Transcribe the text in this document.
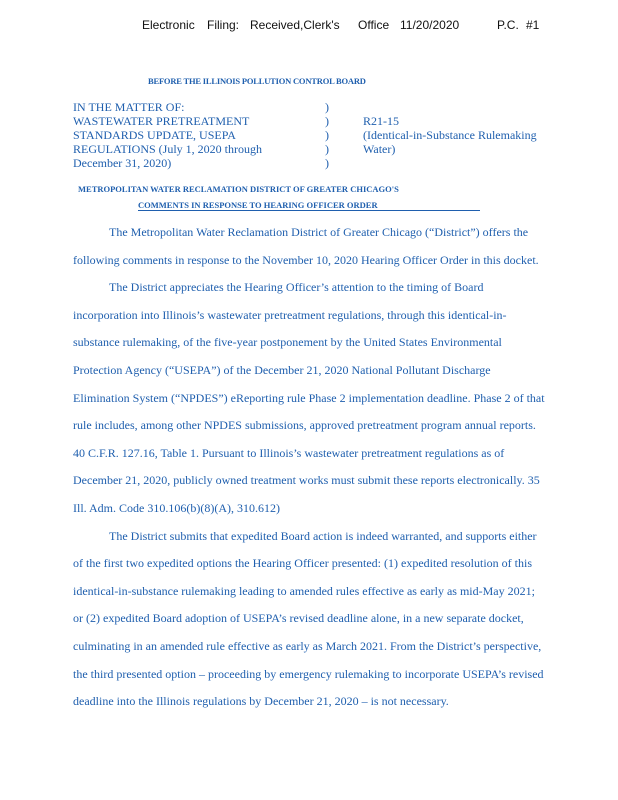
Electronic Filing: Received,Clerk's Office 11/20/2020	P.C. #1
BEFORE THE ILLINOIS POLLUTION CONTROL BOARD
IN THE MATTER OF:
WASTEWATER PRETREATMENT
STANDARDS UPDATE, USEPA
REGULATIONS (July 1, 2020 through
December 31, 2020)
)
)
)
)
)

R21-15
(Identical-in-Substance Rulemaking
Water)

METROPOLITAN WATER RECLAMATION DISTRICT OF GREATER CHICAGO'S
COMMENTS IN RESPONSE TO HEARING OFFICER ORDER
The Metropolitan Water Reclamation District of Greater Chicago (“District”) offers the
following comments in response to the November 10, 2020 Hearing Officer Order in this docket.
The District appreciates the Hearing Officer’s attention to the timing of Board
incorporation into Illinois’s wastewater pretreatment regulations, through this identical-in-
substance rulemaking, of the five-year postponement by the United States Environmental
Protection Agency (“USEPA”) of the December 21, 2020 National Pollutant Discharge
Elimination System (“NPDES”) eReporting rule Phase 2 implementation deadline. Phase 2 of that
rule includes, among other NPDES submissions, approved pretreatment program annual reports.
40 C.F.R. 127.16, Table 1. Pursuant to Illinois’s wastewater pretreatment regulations as of
December 21, 2020, publicly owned treatment works must submit these reports electronically. 35
Ill. Adm. Code 310.106(b)(8)(A), 310.612)
The District submits that expedited Board action is indeed warranted, and supports either
of the first two expedited options the Hearing Officer presented: (1) expedited resolution of this
identical-in-substance rulemaking leading to amended rules effective as early as mid-May 2021;
or (2) expedited Board adoption of USEPA’s revised deadline alone, in a new separate docket,
culminating in an amended rule effective as early as March 2021. From the District’s perspective,
the third presented option – proceeding by emergency rulemaking to incorporate USEPA’s revised
deadline into the Illinois regulations by December 21, 2020 – is not necessary.
